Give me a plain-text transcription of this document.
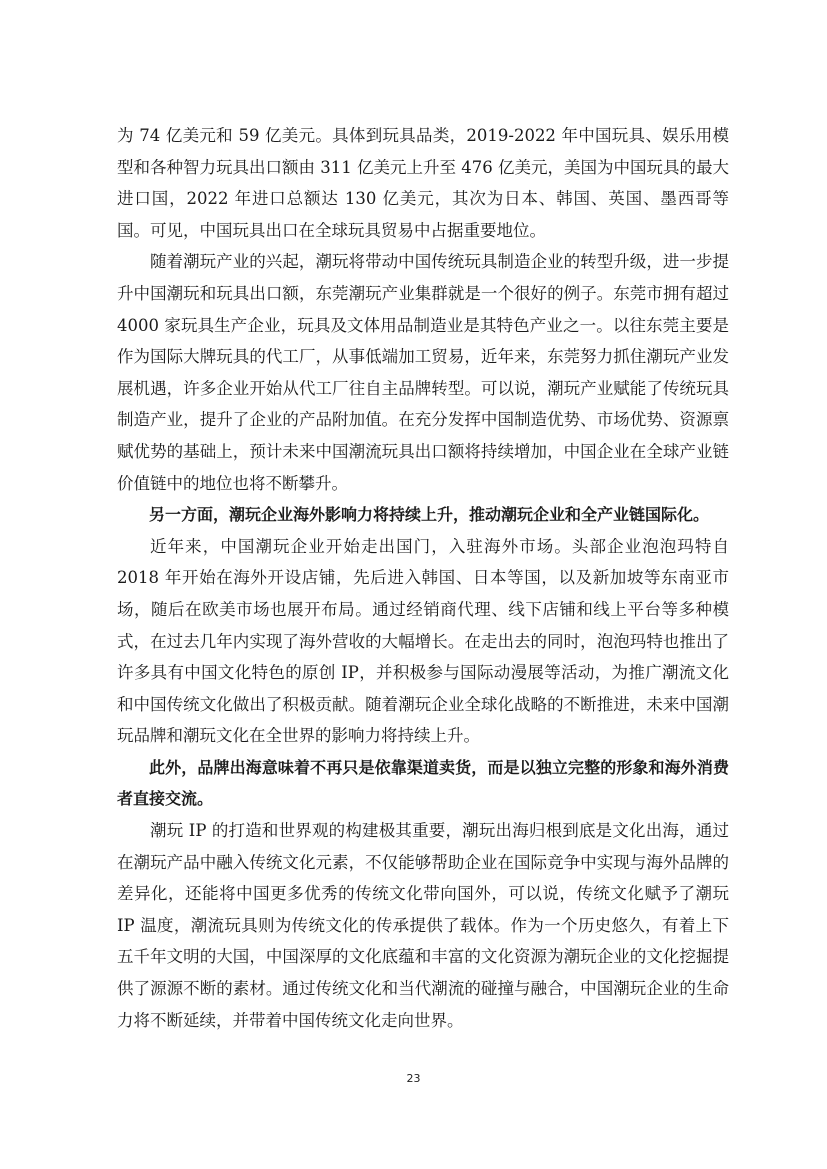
为 74 亿美元和 59 亿美元。具体到玩具品类，2019-2022 年中国玩具、娱乐用模型和各种智力玩具出口额由 311 亿美元上升至 476 亿美元，美国为中国玩具的最大进口国，2022 年进口总额达 130 亿美元，其次为日本、韩国、英国、墨西哥等国。可见，中国玩具出口在全球玩具贸易中占据重要地位。

随着潮玩产业的兴起，潮玩将带动中国传统玩具制造企业的转型升级，进一步提升中国潮玩和玩具出口额，东莞潮玩产业集群就是一个很好的例子。东莞市拥有超过 4000 家玩具生产企业，玩具及文体用品制造业是其特色产业之一。以往东莞主要是作为国际大牌玩具的代工厂，从事低端加工贸易，近年来，东莞努力抓住潮玩产业发展机遇，许多企业开始从代工厂往自主品牌转型。可以说，潮玩产业赋能了传统玩具制造产业，提升了企业的产品附加值。在充分发挥中国制造优势、市场优势、资源禀赋优势的基础上，预计未来中国潮流玩具出口额将持续增加，中国企业在全球产业链价值链中的地位也将不断攀升。

另一方面，潮玩企业海外影响力将持续上升，推动潮玩企业和全产业链国际化。

近年来，中国潮玩企业开始走出国门，入驻海外市场。头部企业泡泡玛特自 2018 年开始在海外开设店铺，先后进入韩国、日本等国，以及新加坡等东南亚市场，随后在欧美市场也展开布局。通过经销商代理、线下店铺和线上平台等多种模式，在过去几年内实现了海外营收的大幅增长。在走出去的同时，泡泡玛特也推出了许多具有中国文化特色的原创 IP，并积极参与国际动漫展等活动，为推广潮流文化和中国传统文化做出了积极贡献。随着潮玩企业全球化战略的不断推进，未来中国潮玩品牌和潮玩文化在全世界的影响力将持续上升。

此外，品牌出海意味着不再只是依靠渠道卖货，而是以独立完整的形象和海外消费者直接交流。

潮玩 IP 的打造和世界观的构建极其重要，潮玩出海归根到底是文化出海，通过在潮玩产品中融入传统文化元素，不仅能够帮助企业在国际竞争中实现与海外品牌的差异化，还能将中国更多优秀的传统文化带向国外，可以说，传统文化赋予了潮玩 IP 温度，潮流玩具则为传统文化的传承提供了载体。作为一个历史悠久，有着上下五千年文明的大国，中国深厚的文化底蕴和丰富的文化资源为潮玩企业的文化挖掘提供了源源不断的素材。通过传统文化和当代潮流的碰撞与融合，中国潮玩企业的生命力将不断延续，并带着中国传统文化走向世界。

23
